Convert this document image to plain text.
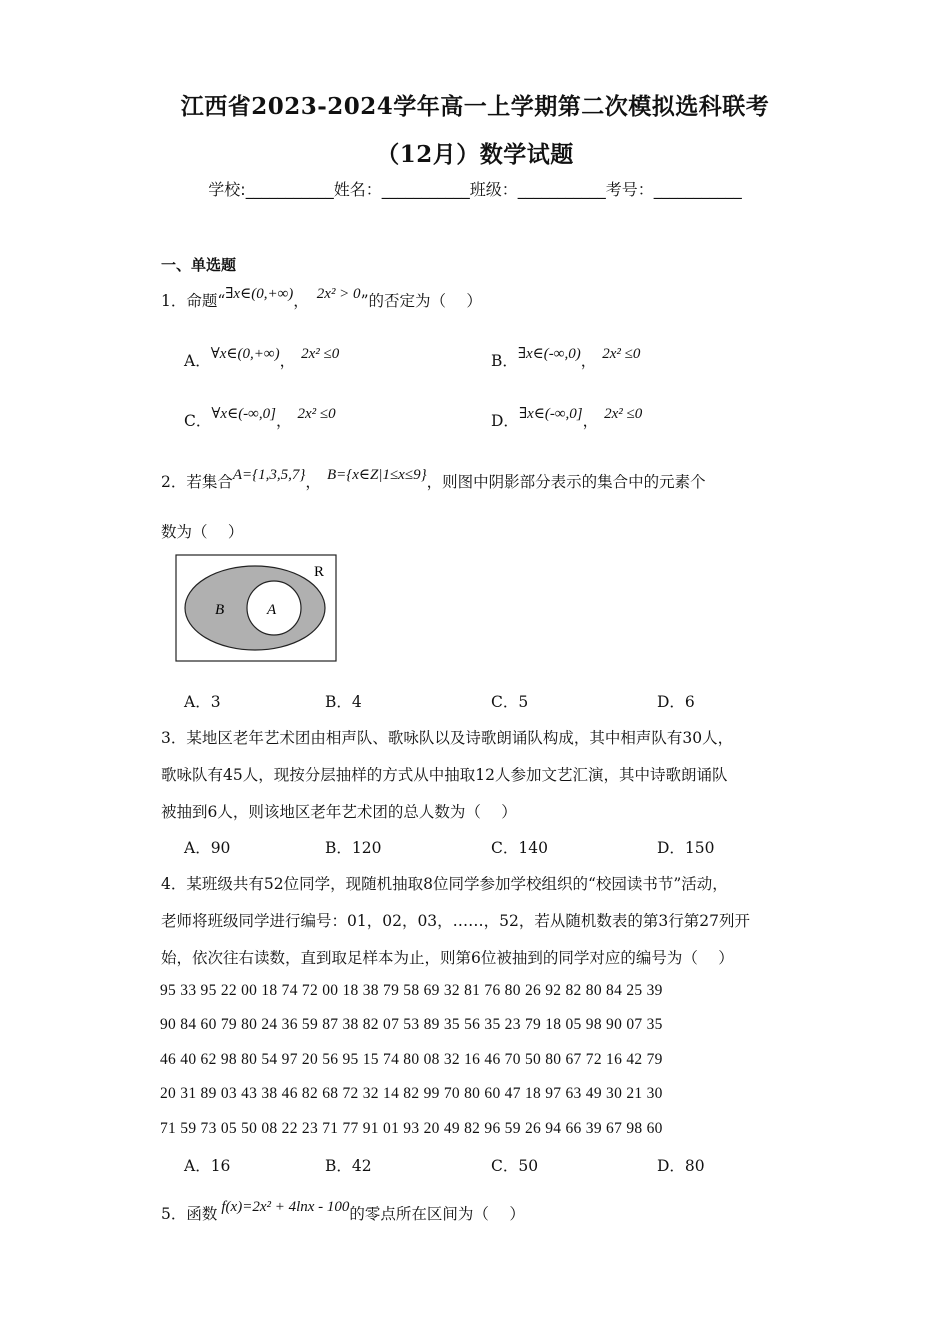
江西省2023-2024学年高一上学期第二次模拟选科联考
（12月）数学试题
学校:___________姓名：___________班级：___________考号：___________
一、单选题
1．命题“∃x∈(0,+∞)， 2x² > 0”的否定为（　 ）
A．∀x∈(0,+∞)， 2x² ≤0	B．∃x∈(-∞,0)， 2x² ≤0
C．∀x∈(-∞,0]， 2x² ≤0	D．∃x∈(-∞,0]， 2x² ≤0
2．若集合A={1,3,5,7}， B={x∈Z|1≤x≤9}，则图中阴影部分表示的集合中的元素个
数为（　 ）
R
B	A
A．3	B．4	C．5	D．6
3．某地区老年艺术团由相声队、歌咏队以及诗歌朗诵队构成，其中相声队有30人，
歌咏队有45人，现按分层抽样的方式从中抽取12人参加文艺汇演，其中诗歌朗诵队
被抽到6人，则该地区老年艺术团的总人数为（　 ）
A．90	B．120	C．140	D．150
4．某班级共有52位同学，现随机抽取8位同学参加学校组织的“校园读书节”活动，
老师将班级同学进行编号：01，02，03，……，52，若从随机数表的第3行第27列开
始，依次往右读数，直到取足样本为止，则第6位被抽到的同学对应的编号为（　 ）
95 33 95 22 00 18 74 72 00 18 38 79 58 69 32 81 76 80 26 92 82 80 84 25 39
90 84 60 79 80 24 36 59 87 38 82 07 53 89 35 56 35 23 79 18 05 98 90 07 35
46 40 62 98 80 54 97 20 56 95 15 74 80 08 32 16 46 70 50 80 67 72 16 42 79
20 31 89 03 43 38 46 82 68 72 32 14 82 99 70 80 60 47 18 97 63 49 30 21 30
71 59 73 05 50 08 22 23 71 77 91 01 93 20 49 82 96 59 26 94 66 39 67 98 60
A．16	B．42	C．50	D．80
5．函数 f(x)=2x² + 4lnx - 100的零点所在区间为（　 ）
